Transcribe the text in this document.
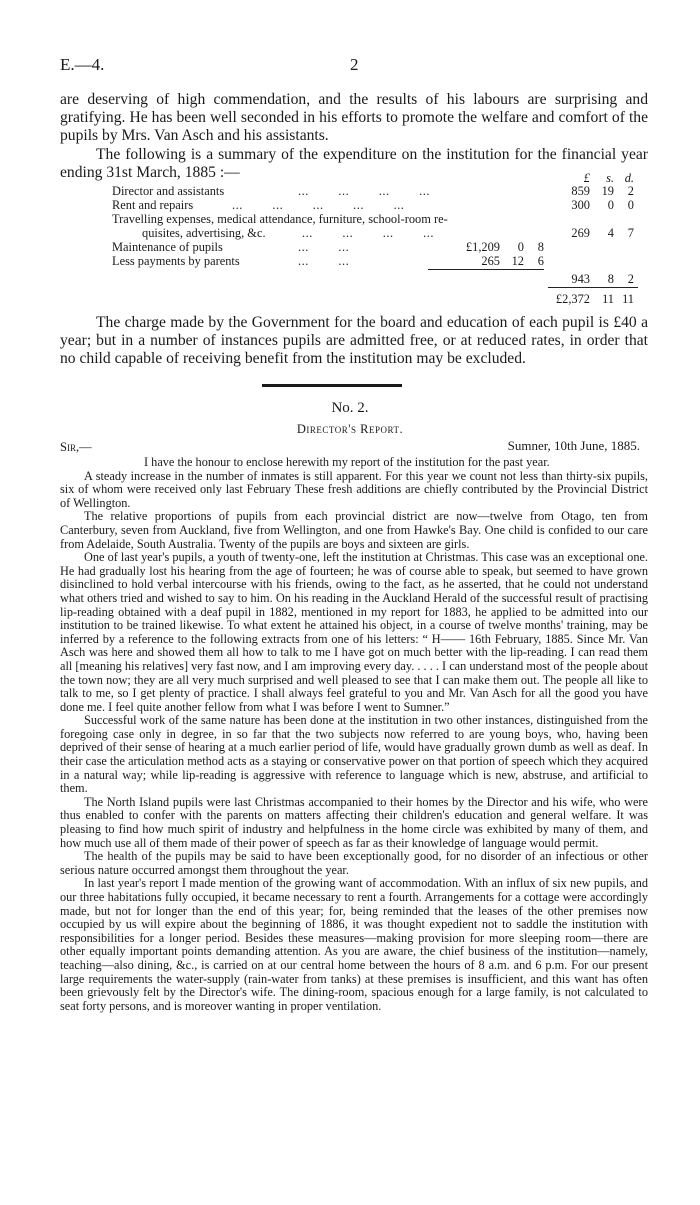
E.—4.	2

are deserving of high commendation, and the results of his labours are surprising and gratifying. He has been well seconded in his efforts to promote the welfare and comfort of the pupils by Mrs. Van Asch and his assistants.

The following is a summary of the expenditure on the institution for the financial year ending 31st March, 1885 :—	£	s. d.
Director and assistants	... ... ... ...	859 19	2
Rent and repairs	... ... ... ... ...	300	0	0
Travelling expenses, medical attendance, furniture, school-room re-
quisites, advertising, &c.	... ... ... ...	269	4	7
Maintenance of pupils	... ...	£1,209	0	8
Less payments by parents	... ...	265 12	6
943	8	2
£2,372 11 11

The charge made by the Government for the board and education of each pupil is £40 a year; but in a number of instances pupils are admitted free, or at reduced rates, in order that no child capable of receiving benefit from the institution may be excluded.

No. 2.
Director's Report.
Sir,—	Sumner, 10th June, 1885.

I have the honour to enclose herewith my report of the institution for the past year.

A steady increase in the number of inmates is still apparent. For this year we count not less than thirty-six pupils, six of whom were received only last February These fresh additions are chiefly contributed by the Provincial District of Wellington.

The relative proportions of pupils from each provincial district are now—twelve from Otago, ten from Canterbury, seven from Auckland, five from Wellington, and one from Hawke's Bay. One child is confided to our care from Adelaide, South Australia. Twenty of the pupils are boys and sixteen are girls.

One of last year's pupils, a youth of twenty-one, left the institution at Christmas. This case was an exceptional one. He had gradually lost his hearing from the age of fourteen; he was of course able to speak, but seemed to have grown disinclined to hold verbal intercourse with his friends, owing to the fact, as he asserted, that he could not understand what others tried and wished to say to him. On his reading in the Auckland Herald of the successful result of practising lip-reading obtained with a deaf pupil in 1882, mentioned in my report for 1883, he applied to be admitted into our institution to be trained likewise. To what extent he attained his object, in a course of twelve months' training, may be inferred by a reference to the following extracts from one of his letters: “ H—— 16th February, 1885. Since Mr. Van Asch was here and showed them all how to talk to me I have got on much better with the lip-reading. I can read them all [meaning his relatives] very fast now, and I am improving every day. . . . . I can understand most of the people about the town now; they are all very much surprised and well pleased to see that I can make them out. The people all like to talk to me, so I get plenty of practice. I shall always feel grateful to you and Mr. Van Asch for all the good you have done me. I feel quite another fellow from what I was before I went to Sumner.”

Successful work of the same nature has been done at the institution in two other instances, distinguished from the foregoing case only in degree, in so far that the two subjects now referred to are young boys, who, having been deprived of their sense of hearing at a much earlier period of life, would have gradually grown dumb as well as deaf. In their case the articulation method acts as a staying or conservative power on that portion of speech which they acquired in a natural way; while lip-reading is aggressive with reference to language which is new, abstruse, and artificial to them.

The North Island pupils were last Christmas accompanied to their homes by the Director and his wife, who were thus enabled to confer with the parents on matters affecting their children's education and general welfare. It was pleasing to find how much spirit of industry and helpfulness in the home circle was exhibited by many of them, and how much use all of them made of their power of speech as far as their knowledge of language would permit.

The health of the pupils may be said to have been exceptionally good, for no disorder of an infectious or other serious nature occurred amongst them throughout the year.

In last year's report I made mention of the growing want of accommodation. With an influx of six new pupils, and our three habitations fully occupied, it became necessary to rent a fourth. Arrangements for a cottage were accordingly made, but not for longer than the end of this year; for, being reminded that the leases of the other premises now occupied by us will expire about the beginning of 1886, it was thought expedient not to saddle the institution with responsibilities for a longer period. Besides these measures—making provision for more sleeping room—there are other equally important points demanding attention. As you are aware, the chief business of the institution—namely, teaching—also dining, &c., is carried on at our central home between the hours of 8 a.m. and 6 p.m. For our present large requirements the water-supply (rain-water from tanks) at these premises is insufficient, and this want has often been grievously felt by the Director's wife. The dining-room, spacious enough for a large family, is not calculated to seat forty persons, and is moreover wanting in proper ventilation.
